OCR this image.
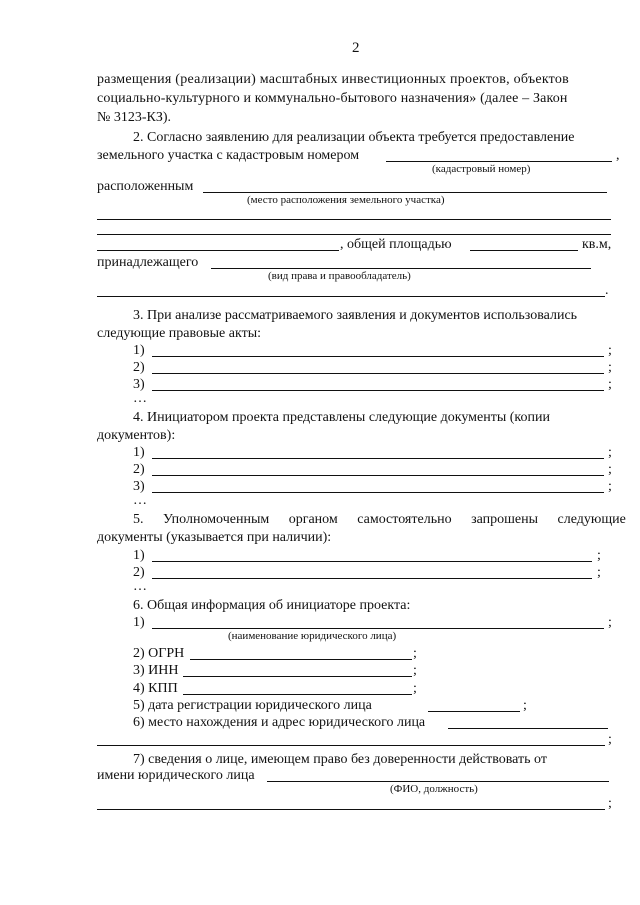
2
размещения (реализации) масштабных инвестиционных проектов, объектов
социально-культурного и коммунально-бытового назначения» (далее – Закон
№ 3123-КЗ).
2. Согласно заявлению для реализации объекта требуется предоставление
земельного участка с кадастровым номером	,
(кадастровый номер)
расположенным
(место расположения земельного участка)
, общей площадью	кв.м,
принадлежащего
(вид права и правообладатель)
.
3. При анализе рассматриваемого заявления и документов использовались
следующие правовые акты:
1)	;
2)	;
3)	;
…
4. Инициатором проекта представлены следующие документы (копии
документов):
1)	;
2)	;
3)	;
…
5. Уполномоченным органом самостоятельно запрошены следующие
документы (указывается при наличии):
1)	;
2)	;
…
6. Общая информация об инициаторе проекта:
1)	;
(наименование юридического лица)
2) ОГРН	;
3) ИНН	;
4) КПП	;
5) дата регистрации юридического лица	;
6) место нахождения и адрес юридического лица
;
7) сведения о лице, имеющем право без доверенности действовать от
имени юридического лица
(ФИО, должность)
;
